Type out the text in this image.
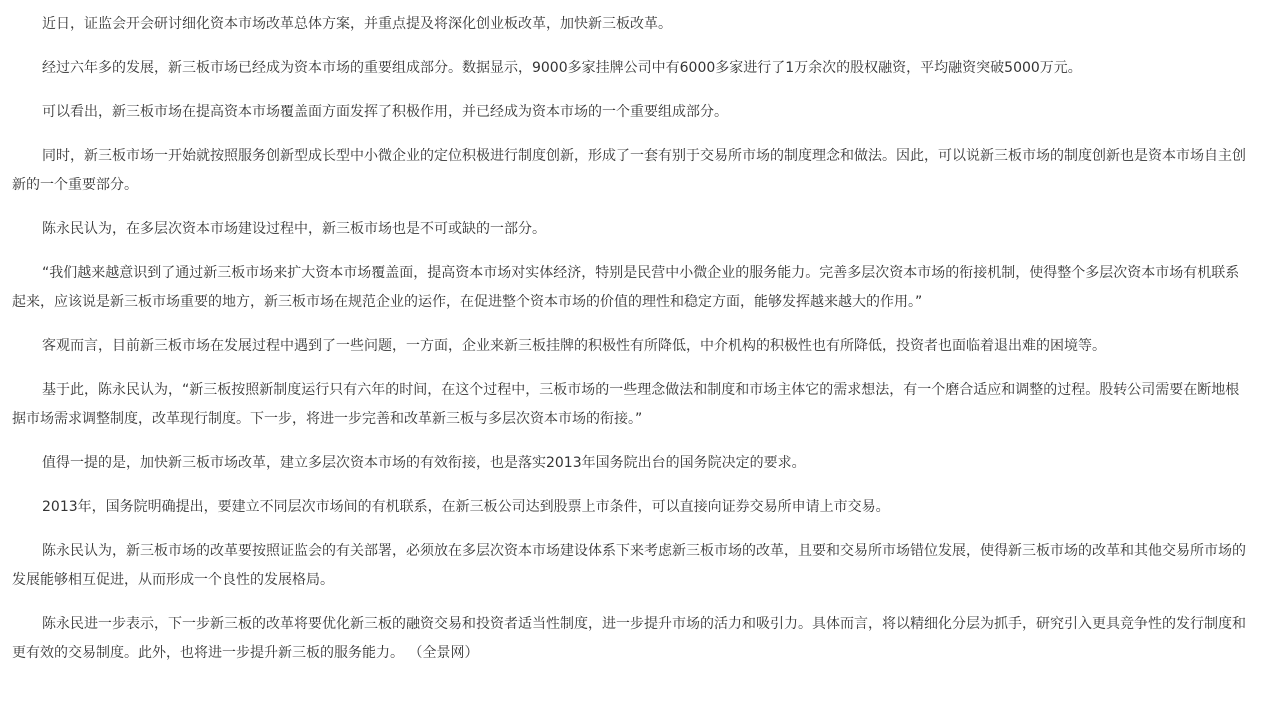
近日，证监会开会研讨细化资本市场改革总体方案，并重点提及将深化创业板改革，加快新三板改革。

经过六年多的发展，新三板市场已经成为资本市场的重要组成部分。数据显示，9000多家挂牌公司中有6000多家进行了1万余次的股权融资，平均融资突破5000万元。

可以看出，新三板市场在提高资本市场覆盖面方面发挥了积极作用，并已经成为资本市场的一个重要组成部分。

同时，新三板市场一开始就按照服务创新型成长型中小微企业的定位积极进行制度创新，形成了一套有别于交易所市场的制度理念和做法。因此，可以说新三板市场的制度创新也是资本市场自主创新的一个重要部分。

陈永民认为，在多层次资本市场建设过程中，新三板市场也是不可或缺的一部分。

“我们越来越意识到了通过新三板市场来扩大资本市场覆盖面，提高资本市场对实体经济，特别是民营中小微企业的服务能力。完善多层次资本市场的衔接机制，使得整个多层次资本市场有机联系起来，应该说是新三板市场重要的地方，新三板市场在规范企业的运作，在促进整个资本市场的价值的理性和稳定方面，能够发挥越来越大的作用。”

客观而言，目前新三板市场在发展过程中遇到了一些问题，一方面，企业来新三板挂牌的积极性有所降低，中介机构的积极性也有所降低，投资者也面临着退出难的困境等。

基于此，陈永民认为，“新三板按照新制度运行只有六年的时间，在这个过程中，三板市场的一些理念做法和制度和市场主体它的需求想法，有一个磨合适应和调整的过程。股转公司需要在断地根据市场需求调整制度，改革现行制度。下一步，将进一步完善和改革新三板与多层次资本市场的衔接。”

值得一提的是，加快新三板市场改革，建立多层次资本市场的有效衔接，也是落实2013年国务院出台的国务院决定的要求。

2013年，国务院明确提出，要建立不同层次市场间的有机联系，在新三板公司达到股票上市条件，可以直接向证券交易所申请上市交易。

陈永民认为，新三板市场的改革要按照证监会的有关部署，必须放在多层次资本市场建设体系下来考虑新三板市场的改革，且要和交易所市场错位发展，使得新三板市场的改革和其他交易所市场的发展能够相互促进，从而形成一个良性的发展格局。

陈永民进一步表示，下一步新三板的改革将要优化新三板的融资交易和投资者适当性制度，进一步提升市场的活力和吸引力。具体而言，将以精细化分层为抓手，研究引入更具竞争性的发行制度和更有效的交易制度。此外，也将进一步提升新三板的服务能力。 （全景网）
